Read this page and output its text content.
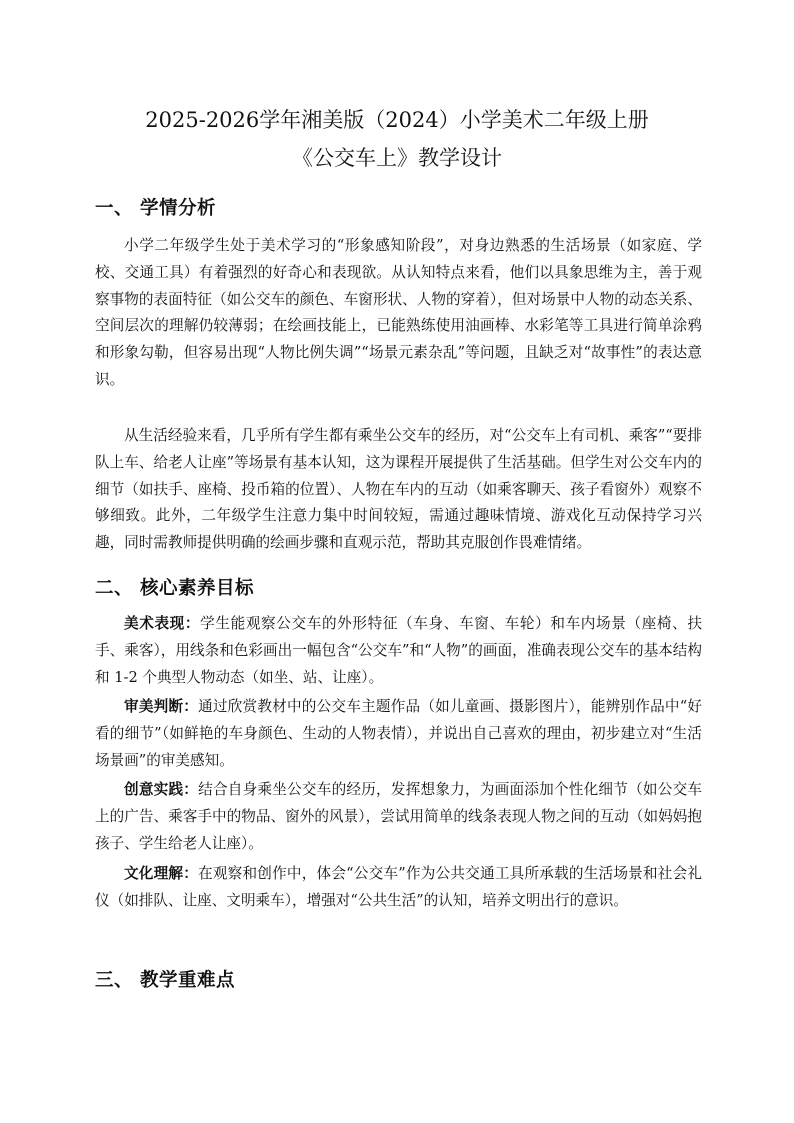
2025-2026学年湘美版（2024）小学美术二年级上册
《公交车上》教学设计
一、 学情分析

小学二年级学生处于美术学习的“形象感知阶段”，对身边熟悉的生活场景（如家庭、学校、交通工具）有着强烈的好奇心和表现欲。从认知特点来看，他们以具象思维为主，善于观察事物的表面特征（如公交车的颜色、车窗形状、人物的穿着），但对场景中人物的动态关系、空间层次的理解仍较薄弱；在绘画技能上，已能熟练使用油画棒、水彩笔等工具进行简单涂鸦和形象勾勒，但容易出现“人物比例失调”“场景元素杂乱”等问题，且缺乏对“故事性”的表达意识。

从生活经验来看，几乎所有学生都有乘坐公交车的经历，对“公交车上有司机、乘客”“要排队上车、给老人让座”等场景有基本认知，这为课程开展提供了生活基础。但学生对公交车内的细节（如扶手、座椅、投币箱的位置）、人物在车内的互动（如乘客聊天、孩子看窗外）观察不够细致。此外，二年级学生注意力集中时间较短，需通过趣味情境、游戏化互动保持学习兴趣，同时需教师提供明确的绘画步骤和直观示范，帮助其克服创作畏难情绪。

二、 核心素养目标

美术表现：学生能观察公交车的外形特征（车身、车窗、车轮）和车内场景（座椅、扶手、乘客），用线条和色彩画出一幅包含“公交车”和“人物”的画面，准确表现公交车的基本结构和 1-2 个典型人物动态（如坐、站、让座）。

审美判断：通过欣赏教材中的公交车主题作品（如儿童画、摄影图片），能辨别作品中“好看的细节”（如鲜艳的车身颜色、生动的人物表情），并说出自己喜欢的理由，初步建立对“生活场景画”的审美感知。

创意实践：结合自身乘坐公交车的经历，发挥想象力，为画面添加个性化细节（如公交车上的广告、乘客手中的物品、窗外的风景），尝试用简单的线条表现人物之间的互动（如妈妈抱孩子、学生给老人让座）。

文化理解：在观察和创作中，体会“公交车”作为公共交通工具所承载的生活场景和社会礼仪（如排队、让座、文明乘车），增强对“公共生活”的认知，培养文明出行的意识。

三、 教学重难点
